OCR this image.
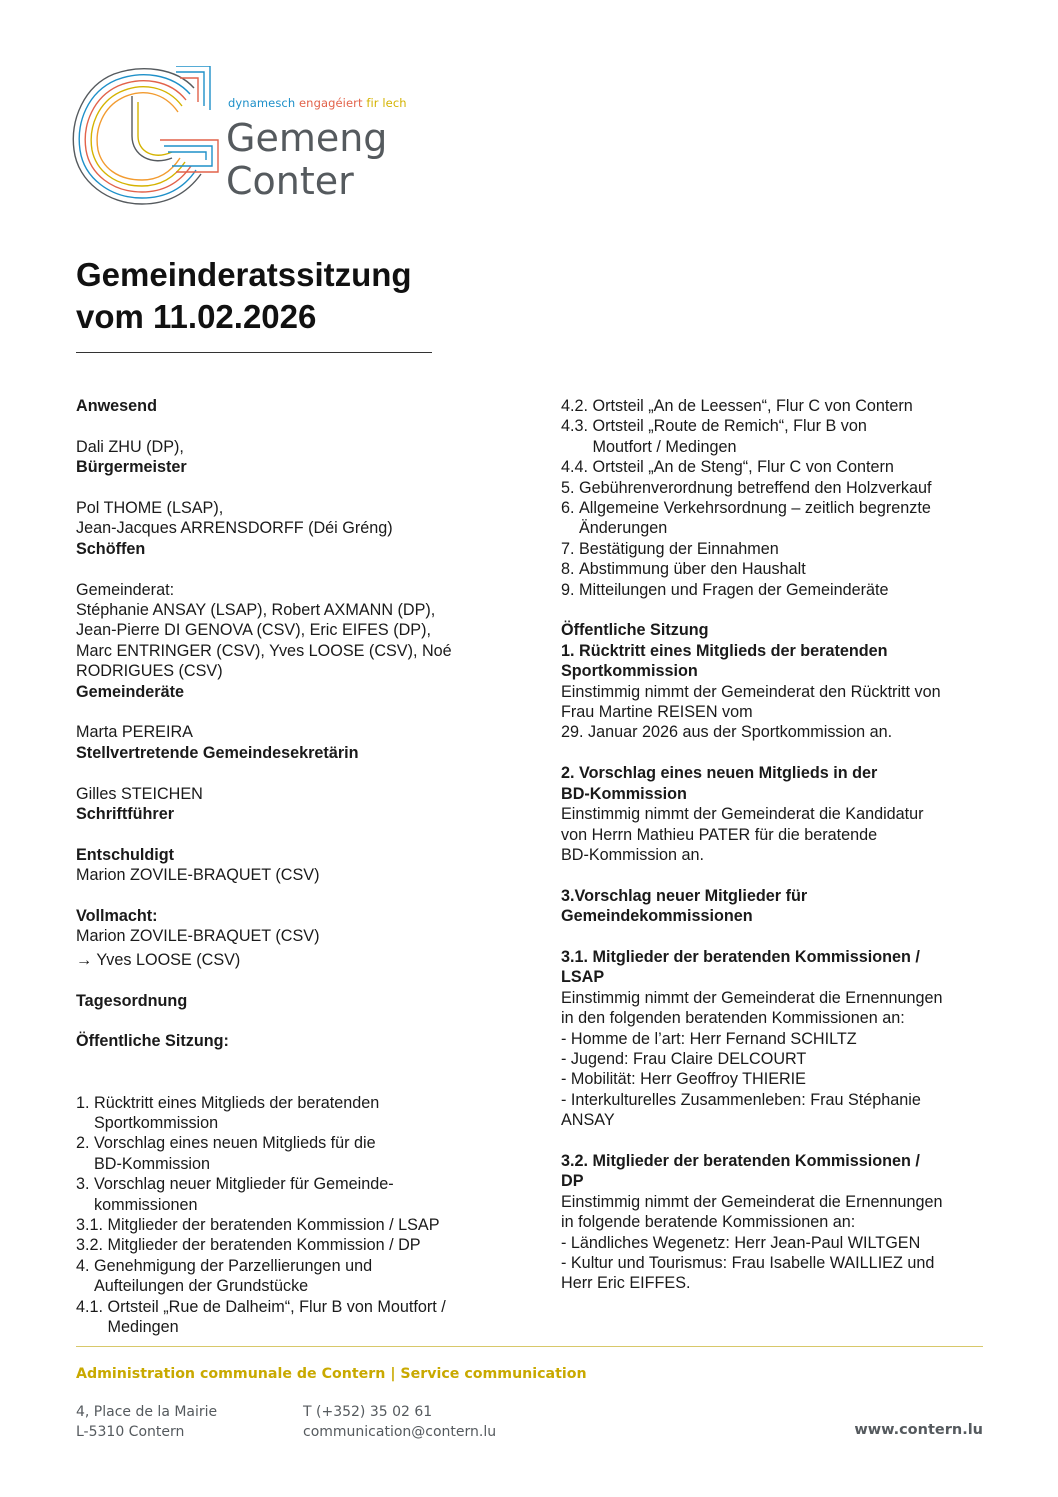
dynamesch engagéiert fir lech
Gemeng
Conter
Gemeinderatssitzung
vom 11.02.2026
Anwesend
Dali ZHU (DP),
Bürgermeister
Pol THOME (LSAP),
Jean-Jacques ARRENSDORFF (Déi Gréng)
Schöffen
Gemeinderat:
Stéphanie ANSAY (LSAP), Robert AXMANN (DP),
Jean-Pierre DI GENOVA (CSV), Eric EIFES (DP),
Marc ENTRINGER (CSV), Yves LOOSE (CSV), Noé
RODRIGUES (CSV)
Gemeinderäte
Marta PEREIRA
Stellvertretende Gemeindesekretärin
Gilles STEICHEN
Schriftführer
Entschuldigt
Marion ZOVILE-BRAQUET (CSV)
Vollmacht:
Marion ZOVILE-BRAQUET (CSV)
→ Yves LOOSE (CSV)
Tagesordnung
Öffentliche Sitzung:
1. Rücktritt eines Mitglieds der beratenden
Sportkommission
2. Vorschlag eines neuen Mitglieds für die
BD-Kommission
3. Vorschlag neuer Mitglieder für Gemeinde-
kommissionen
3.1. Mitglieder der beratenden Kommission / LSAP
3.2. Mitglieder der beratenden Kommission / DP
4. Genehmigung der Parzellierungen und
Aufteilungen der Grundstücke
4.1. Ortsteil „Rue de Dalheim“, Flur B von Moutfort /
Medingen
4.2. Ortsteil „An de Leessen“, Flur C von Contern
4.3. Ortsteil „Route de Remich“, Flur B von
Moutfort / Medingen
4.4. Ortsteil „An de Steng“, Flur C von Contern
5. Gebührenverordnung betreffend den Holzverkauf
6. Allgemeine Verkehrsordnung – zeitlich begrenzte
Änderungen
7. Bestätigung der Einnahmen
8. Abstimmung über den Haushalt
9. Mitteilungen und Fragen der Gemeinderäte
Öffentliche Sitzung
1. Rücktritt eines Mitglieds der beratenden
Sportkommission
Einstimmig nimmt der Gemeinderat den Rücktritt von
Frau Martine REISEN vom
29. Januar 2026 aus der Sportkommission an.
2. Vorschlag eines neuen Mitglieds in der
BD-Kommission
Einstimmig nimmt der Gemeinderat die Kandidatur
von Herrn Mathieu PATER für die beratende
BD-Kommission an.
3.Vorschlag neuer Mitglieder für
Gemeindekommissionen
3.1. Mitglieder der beratenden Kommissionen /
LSAP
Einstimmig nimmt der Gemeinderat die Ernennungen
in den folgenden beratenden Kommissionen an:
- Homme de l’art: Herr Fernand SCHILTZ
- Jugend: Frau Claire DELCOURT
- Mobilität: Herr Geoffroy THIERIE
- Interkulturelles Zusammenleben: Frau Stéphanie
ANSAY
3.2. Mitglieder der beratenden Kommissionen /
DP
Einstimmig nimmt der Gemeinderat die Ernennungen
in folgende beratende Kommissionen an:
- Ländliches Wegenetz: Herr Jean-Paul WILTGEN
- Kultur und Tourismus: Frau Isabelle WAILLIEZ und
Herr Eric EIFFES.
Administration communale de Contern | Service communication
4, Place de la Mairie
L-5310 Contern
T (+352) 35 02 61
communication@contern.lu	www.contern.lu
